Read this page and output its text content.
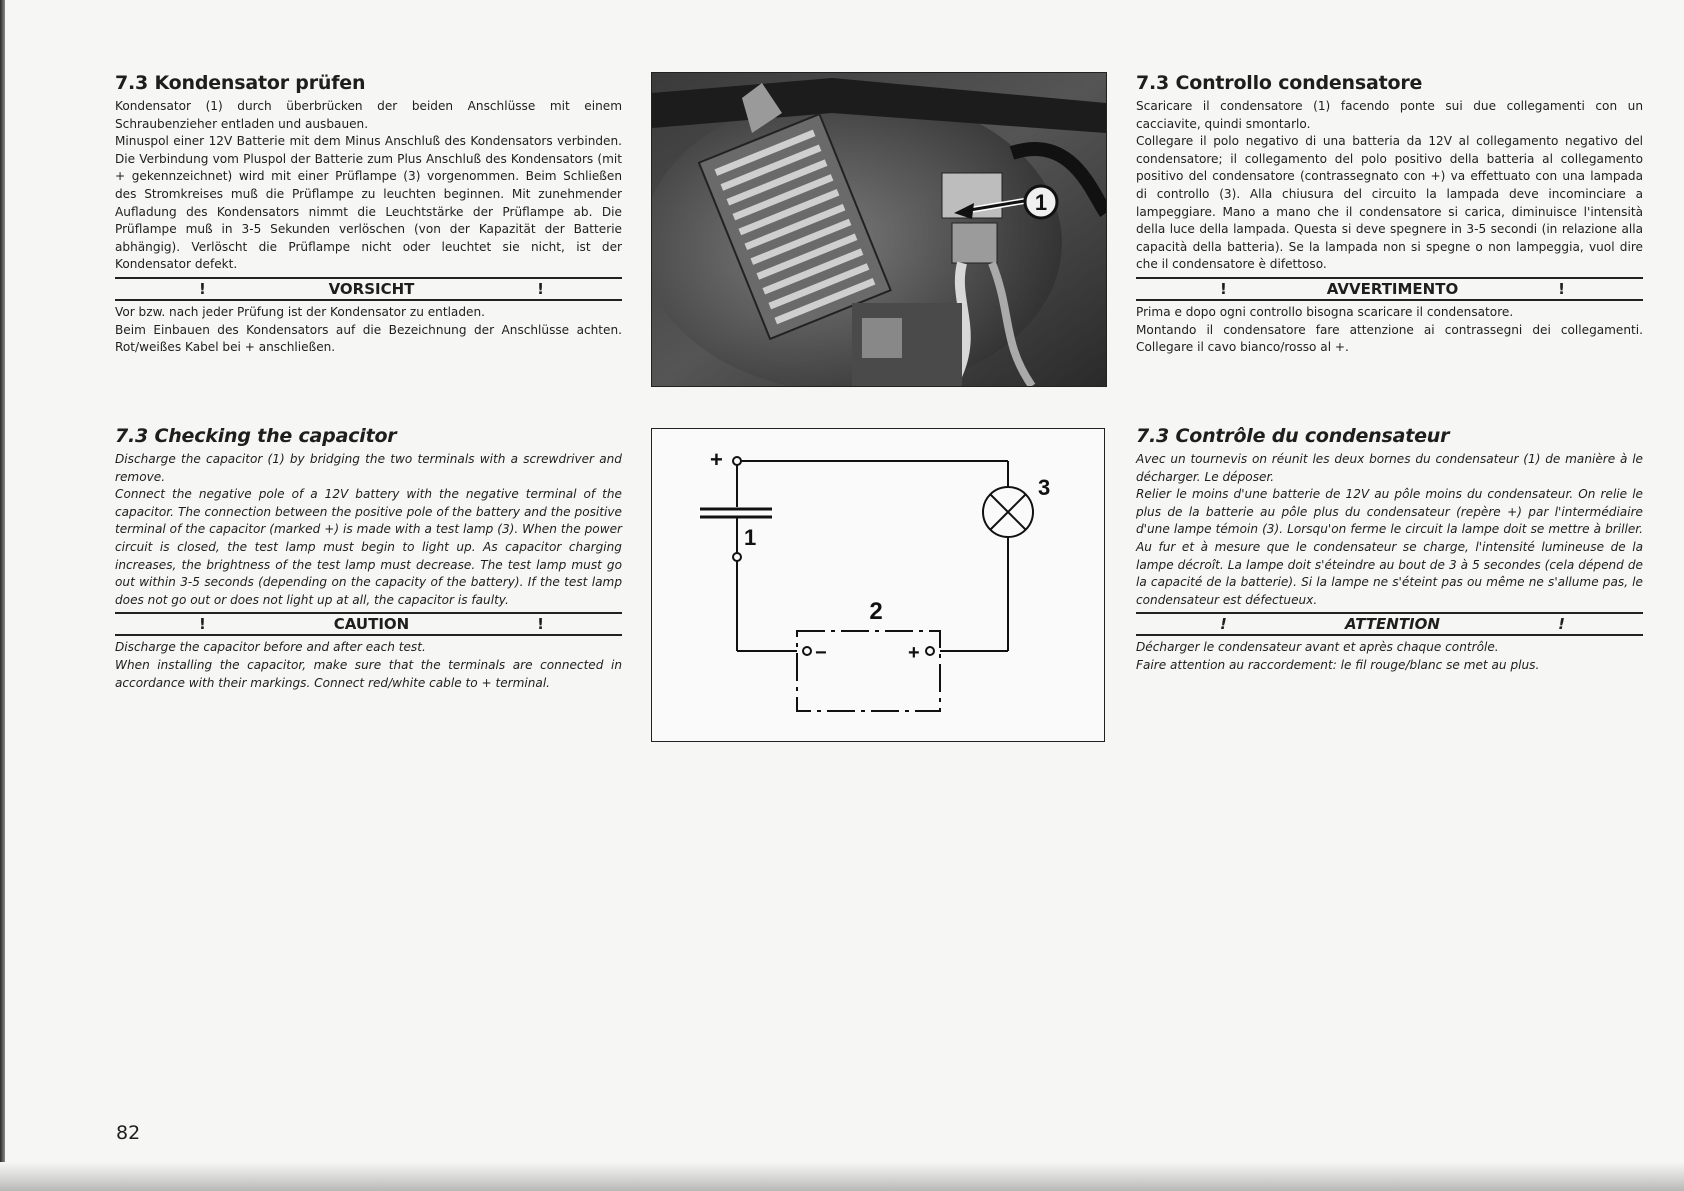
7.3 Kondensator prüfen

Kondensator (1) durch überbrücken der beiden Anschlüsse mit einem Schraubenzieher entladen und ausbauen.

Minuspol einer 12V Batterie mit dem Minus Anschluß des Kondensators verbinden. Die Verbindung vom Pluspol der Batterie zum Plus Anschluß des Kondensators (mit + gekennzeichnet) wird mit einer Prüflampe (3) vorgenommen. Beim Schließen des Stromkreises muß die Prüflampe zu leuchten beginnen. Mit zunehmender Aufladung des Kondensators nimmt die Leuchtstärke der Prüflampe ab. Die Prüflampe muß in 3-5 Sekunden verlöschen (von der Kapazität der Batterie abhängig). Verlöscht die Prüflampe nicht oder leuchtet sie nicht, ist der Kondensator defekt.

!	VORSICHT	!

Vor bzw. nach jeder Prüfung ist der Kondensator zu entladen.

Beim Einbauen des Kondensators auf die Bezeichnung der Anschlüsse achten. Rot/weißes Kabel bei + anschließen.

7.3 Checking the capacitor

Discharge the capacitor (1) by bridging the two terminals with a screwdriver and remove.

Connect the negative pole of a 12V battery with the negative terminal of the capacitor. The connection between the positive pole of the battery and the positive terminal of the capacitor (marked +) is made with a test lamp (3). When the power circuit is closed, the test lamp must begin to light up. As capacitor charging increases, the brightness of the test lamp must decrease. The test lamp must go out within 3-5 seconds (depending on the capacity of the battery). If the test lamp does not go out or does not light up at all, the capacitor is faulty.

!	CAUTION	!

Discharge the capacitor before and after each test.

When installing the capacitor, make sure that the terminals are connected in accordance with their markings. Connect red/white cable to + terminal.

7.3 Controllo condensatore

Scaricare il condensatore (1) facendo ponte sui due collegamenti con un cacciavite, quindi smontarlo.

Collegare il polo negativo di una batteria da 12V al collegamento negativo del condensatore; il collegamento del polo positivo della batteria al collegamento positivo del condensatore (contrassegnato con +) va effettuato con una lampada di controllo (3). Alla chiusura del circuito la lampada deve incominciare a lampeggiare. Mano a mano che il condensatore si carica, diminuisce l'intensità della luce della lampada. Questa si deve spegnere in 3-5 secondi (in relazione alla capacità della batteria). Se la lampada non si spegne o non lampeggia, vuol dire che il condensatore è difettoso.

!	AVVERTIMENTO	!

Prima e dopo ogni controllo bisogna scaricare il condensatore.

Montando il condensatore fare attenzione ai contrassegni dei collegamenti. Collegare il cavo bianco/rosso al +.

7.3 Contrôle du condensateur

Avec un tournevis on réunit les deux bornes du condensateur (1) de manière à le décharger. Le déposer.

Relier le moins d'une batterie de 12V au pôle moins du condensateur. On relie le plus de la batterie au pôle plus du condensateur (repère +) par l'intermédiaire d'une lampe témoin (3). Lorsqu'on ferme le circuit la lampe doit se mettre à briller. Au fur et à mesure que le condensateur se charge, l'intensité lumineuse de la lampe décroît. La lampe doit s'éteindre au bout de 3 à 5 secondes (cela dépend de la capacité de la batterie). Si la lampe ne s'éteint pas ou même ne s'allume pas, le condensateur est défectueux.

!	ATTENTION	!

Décharger le condensateur avant et après chaque contrôle.

Faire attention au raccordement: le fil rouge/blanc se met au plus.

1
+
1
3
2
−	+
82
